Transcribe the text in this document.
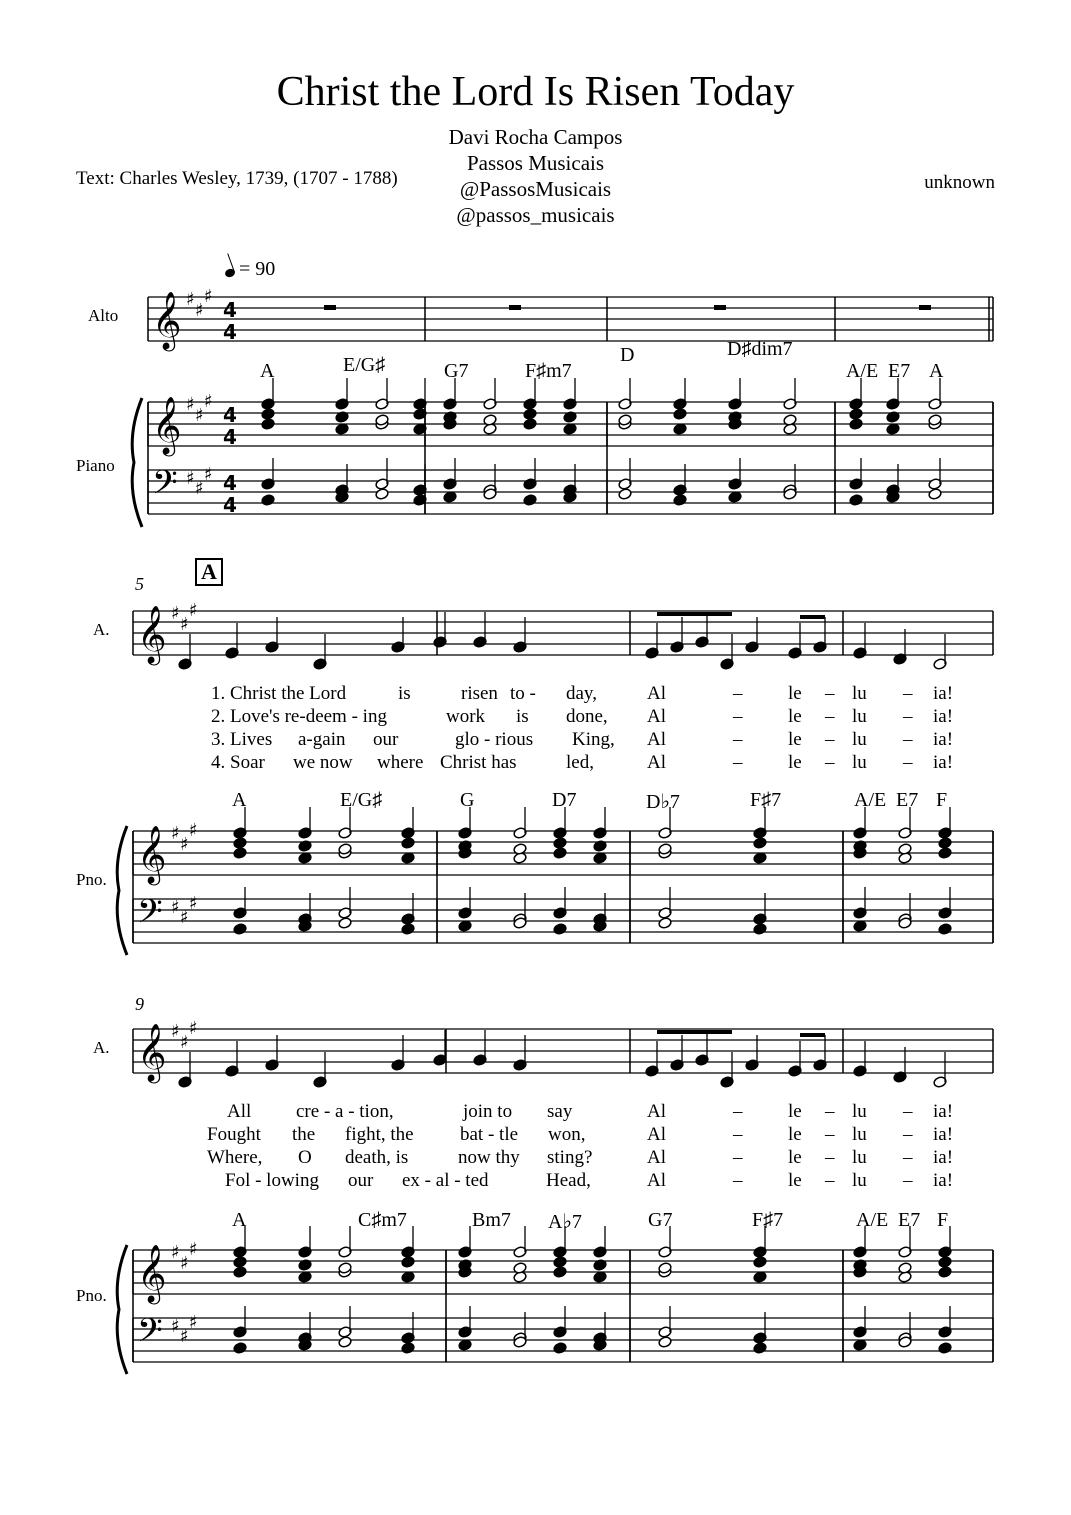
Christ the Lord Is Risen Today
Davi Rocha Campos
Passos Musicais
@PassosMusicais
@passos_musicais
Text: Charles Wesley, 1739, (1707 - 1788)	unknown
= 90
𝄞 ♯
♯
♯
4
4
𝄞 ♯
♯
♯
4
4
𝄢 ♯ ♯
♯ 4
4
𝄞 ♯
♯
♯
𝄞 ♯
♯
♯
𝄢 ♯ ♯
♯
𝄞 ♯
♯
♯
𝄞 ♯
♯
♯
𝄢 ♯ ♯
♯
Alto
Piano
A	E/G♯	G7	F♯m7
D	D♯dim7
A/E E7 A
5	A
A.
Pno.
1. Christ the Lord	is	risen to - day,
2. Love's re-deem - ing	work is done,
3. Lives a-gain our	glo - rious King,
4. Soar we now where Christ has	led,
Al	– le – lu – ia!
Al	– le – lu – ia!
Al	– le – lu – ia!
Al	– le – lu – ia!
A	E/G♯	G	D7	D♭7	F♯7	A/E E7 F
9
A.
Pno.
All cre - a - tion,	join to say
Fought the fight, the bat - tle won,
Where, O death, is	now thy sting?
Fol - lowing our ex - al - ted	Head,
Al	– le – lu – ia!
Al	– le – lu – ia!
Al	– le – lu – ia!
Al	– le – lu – ia!
A	C♯m7	Bm7 A♭7	G7	F♯7	A/E E7 F
